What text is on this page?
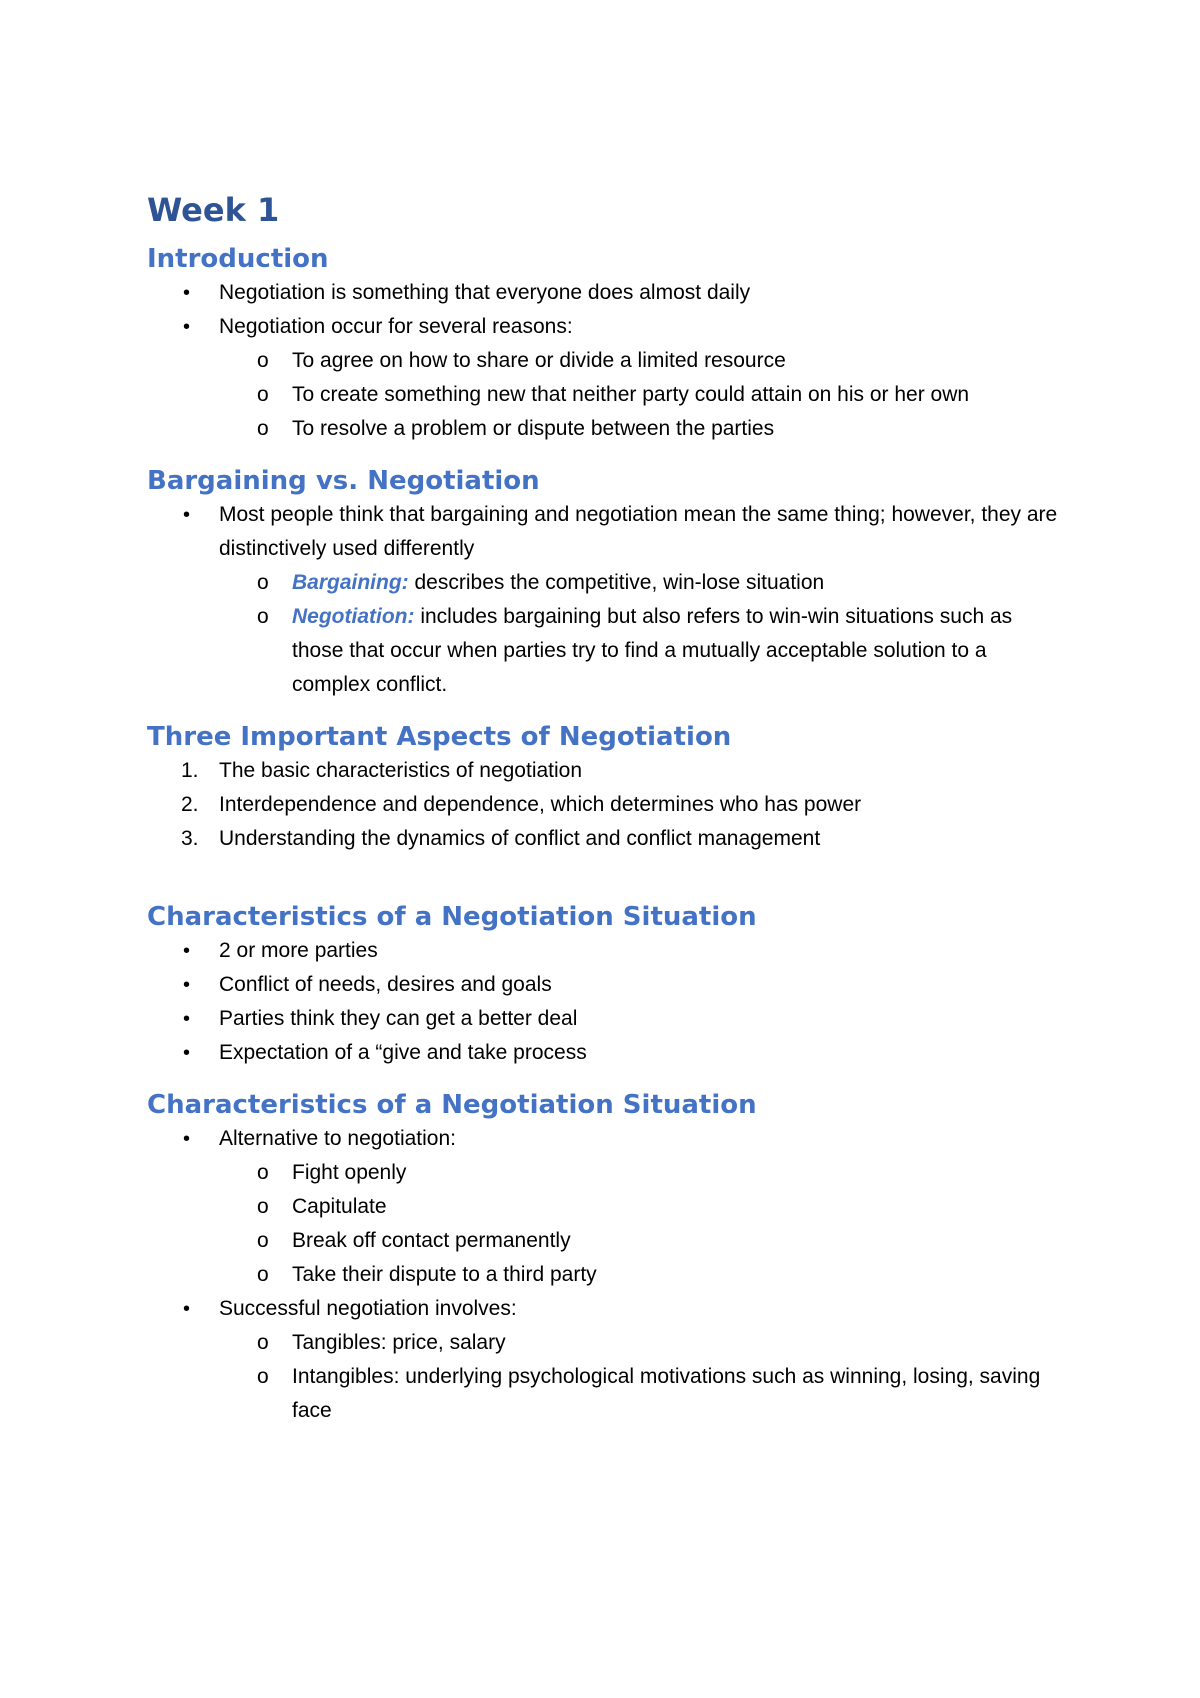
Week 1
Introduction
• Negotiation is something that everyone does almost daily
• Negotiation occur for several reasons:
o To agree on how to share or divide a limited resource
o To create something new that neither party could attain on his or her own
o To resolve a problem or dispute between the parties
Bargaining vs. Negotiation
• Most people think that bargaining and negotiation mean the same thing; however, they are distinctively used differently
o Bargaining: describes the competitive, win-lose situation
o Negotiation: includes bargaining but also refers to win-win situations such as those that occur when parties try to find a mutually acceptable solution to a complex conflict.
Three Important Aspects of Negotiation
1. The basic characteristics of negotiation
2. Interdependence and dependence, which determines who has power
3. Understanding the dynamics of conflict and conflict management
Characteristics of a Negotiation Situation
• 2 or more parties
• Conflict of needs, desires and goals
• Parties think they can get a better deal
• Expectation of a “give and take process
Characteristics of a Negotiation Situation
• Alternative to negotiation:
o Fight openly
o Capitulate
o Break off contact permanently
o Take their dispute to a third party
• Successful negotiation involves:
o Tangibles: price, salary
o Intangibles: underlying psychological motivations such as winning, losing, saving face
